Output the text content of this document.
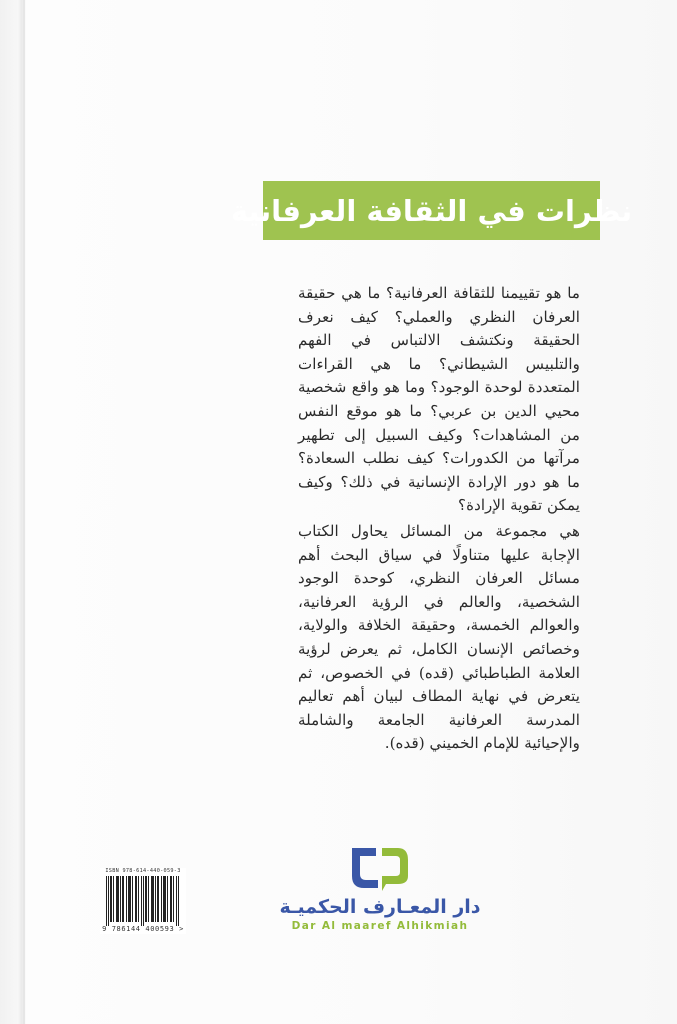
نظرات في الثقافة العرفانية

ما هو تقييمنا للثقافة العرفانية؟ ما هي حقيقة العرفان النظري والعملي؟ كيف نعرف الحقيقة ونكتشف الالتباس في الفهم والتلبيس الشيطاني؟ ما هي القراءات المتعددة لوحدة الوجود؟ وما هو واقع شخصية محيي الدين بن عربي؟ ما هو موقع النفس من المشاهدات؟ وكيف السبيل إلى تطهير مرآتها من الكدورات؟ كيف نطلب السعادة؟ ما هو دور الإرادة الإنسانية في ذلك؟ وكيف يمكن تقوية الإرادة؟

هي مجموعة من المسائل يحاول الكتاب الإجابة عليها متناولًا في سياق البحث أهم مسائل العرفان النظري، كوحدة الوجود الشخصية، والعالم في الرؤية العرفانية، والعوالم الخمسة، وحقيقة الخلافة والولاية، وخصائص الإنسان الكامل، ثم يعرض لرؤية العلامة الطباطبائي (قده) في الخصوص، ثم يتعرض في نهاية المطاف لبيان أهم تعاليم المدرسة العرفانية الجامعة والشاملة والإحيائية للإمام الخميني (قده).

دار المعـارف الحكميـة
Dar Al maaref Alhikmiah
ISBN 978-614-440-059-3
9 786144 400593 >
